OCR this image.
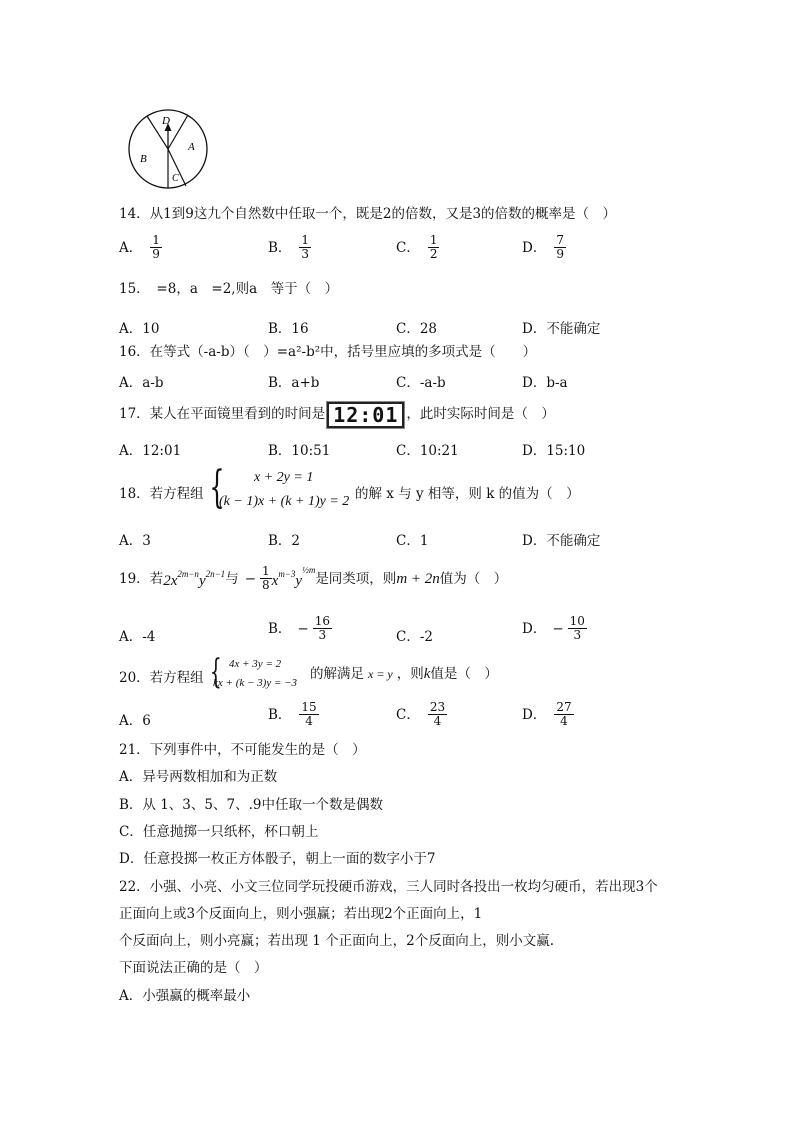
D
A
B
C
14．从1到9这九个自然数中任取一个，既是2的倍数，又是3的倍数的概率是（　）
A． $\frac{1}{9}$	B． $\frac{1}{3}$	C． $\frac{1}{2}$	D． $\frac{7}{9}$
15．　=8，a　=2,则a　等于（　）
A．10	B．16	C．28	D．不能确定
16．在等式（-a-b）（　）=a²-b²中，括号里应填的多项式是（　　）
A．a-b	B．a+b	C．-a-b	D．b-a
17．某人在平面镜里看到的时间是 12:01 ，此时实际时间是（　）
A．12:01	B．10:51	C．10:21	D．15:10
18．若方程组 { x + 2y = 1
(k − 1)x + (k + 1)y = 2 的解 x 与 y 相等，则 k 的值为（　）
A．3	B．2	C．1	D．不能确定
19．若 $2x^{2m-n}y^{2n-1}$ 与 − $\frac{1}{8} x^{m-3}y^{\frac{1}{2}m}$
是同类项，则 m + 2n 值为（　）
A．-4
B． − $\frac{16}{3}$	C．-2
D． − $\frac{10}{3}$
20．若方程组 { 4x + 3y = 2
kx + (k − 3)y = −3
的解满足 x = y ，则 k 值是（　）
A．6	B． $\frac{15}{4}$	C． $\frac{23}{4}$	D． $\frac{27}{4}$
21．下列事件中，不可能发生的是（　）
A．异号两数相加和为正数
B．从 1、3、5、7、.9中任取一个数是偶数
C．任意抛掷一只纸杯，杯口朝上
D．任意投掷一枚正方体骰子，朝上一面的数字小于7
22．小强、小亮、小文三位同学玩投硬币游戏，三人同时各投出一枚均匀硬币，若出现3个
正面向上或3个反面向上，则小强赢；若出现2个正面向上，1
个反面向上，则小亮赢；若出现 1 个正面向上，2个反面向上，则小文赢.
下面说法正确的是（　）
A．小强赢的概率最小
